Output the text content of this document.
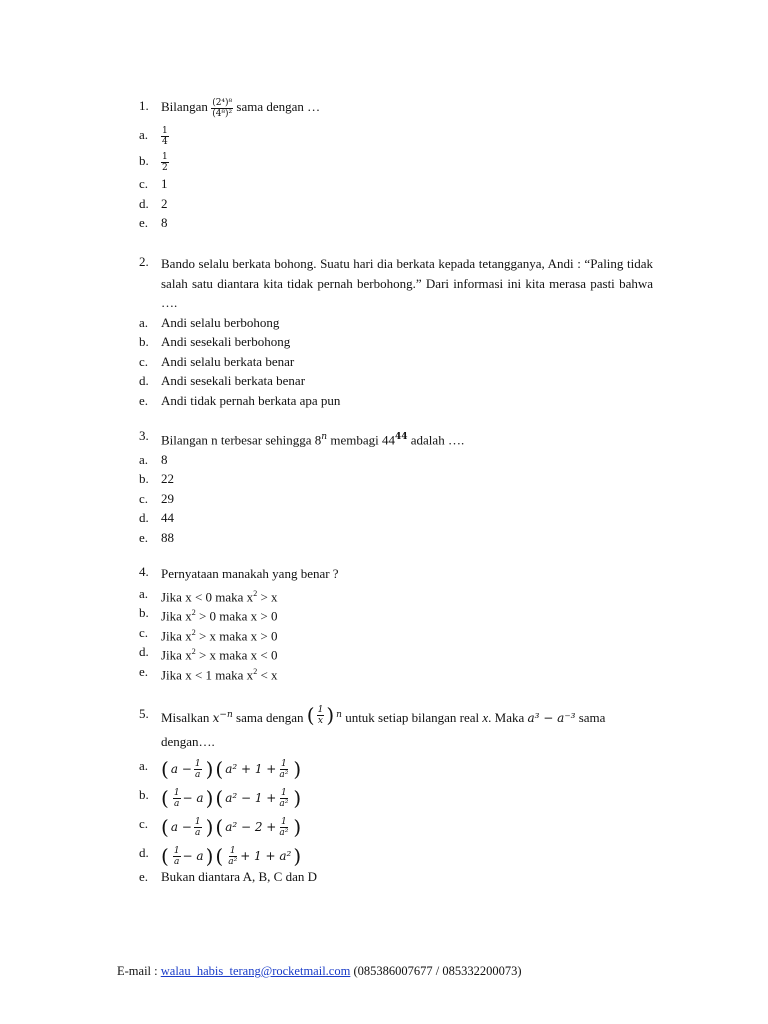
1. Bilangan $\frac{\text{(2⁴)⁸}}{\text{(4⁸)²}}$ sama dengan …
a. $\frac{1}{4}$
b. $\frac{1}{2}$
c. 1
d. 2
e. 8
2. Bando selalu berkata bohong. Suatu hari dia berkata kepada tetangganya, Andi : “Paling tidak salah satu diantara kita tidak pernah berbohong.” Dari informasi ini kita merasa pasti bahwa ….
a. Andi selalu berbohong
b. Andi sesekali berbohong
c. Andi selalu berkata benar
d. Andi sesekali berkata benar
e. Andi tidak pernah berkata apa pun
3. Bilangan n terbesar sehingga 8$^n$ membagi $44^{44}$ adalah ….
a. 8
b. 22
c. 29
d. 44
e. 88
4. Pernyataan manakah yang benar ?
a. Jika x < 0 maka $x^2 > x$
b. Jika $x^2 > 0$ maka x > 0
c. Jika $x^2 > x$ maka x > 0
d. Jika $x^2 > x$ maka x < 0
e. Jika x < 1 maka $x^2 < x$
5. Misalkan $x^{-n}$ sama dengan ( $\frac{1}{x}$ ) n untuk setiap bilangan real x. Maka a³ − a⁻³ sama
dengan….
a. ( $a - \frac{1}{a}$ ) ( $a^2 + 1 + \frac{1}{\text{a²}}$ )
b. ( $\frac{1}{a} - a$ ) ( $a^2 - 1 + \frac{1}{\text{a²}}$ )
c. ( $a - \frac{1}{a}$ ) ( $a^2 - 2 + \frac{1}{\text{a²}}$ )
d. ( $\frac{1}{a} - a$ ) ( $\frac{1}{\text{a²}} + 1 + a^2$ )
e. Bukan diantara A, B, C dan D
E-mail : walau_habis_terang@rocketmail.com (085386007677 / 085332200073)
